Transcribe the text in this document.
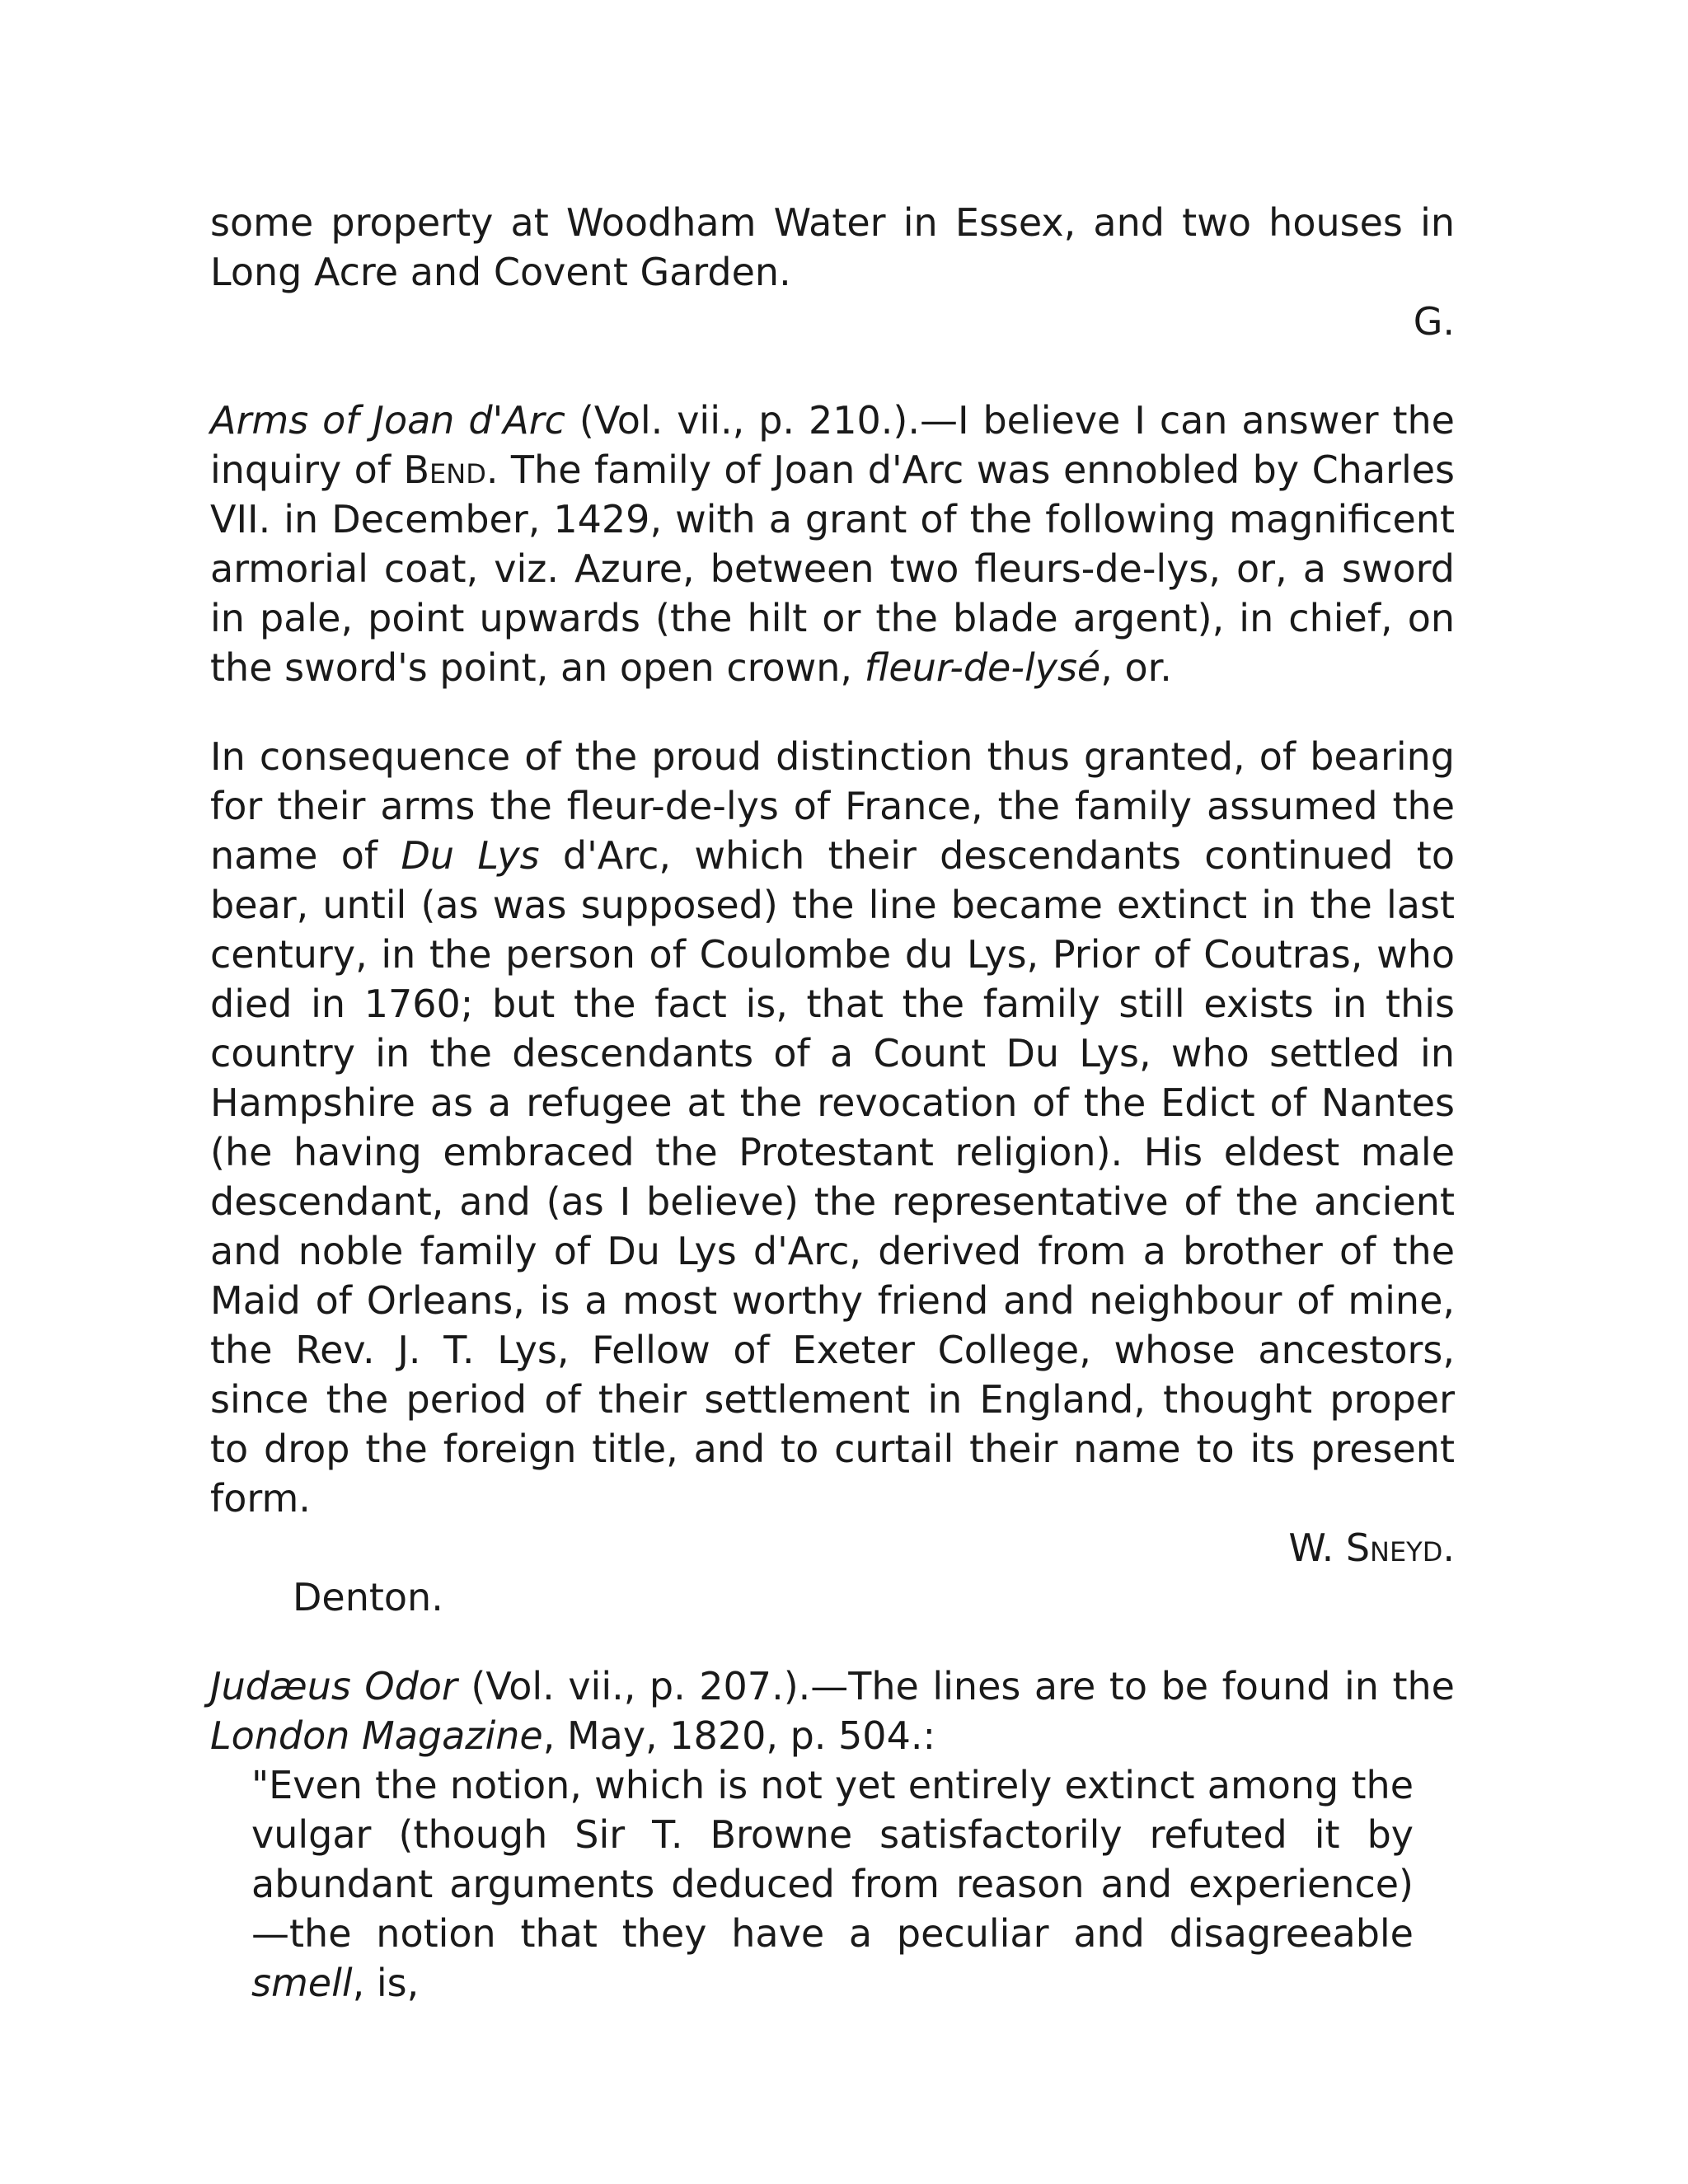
some property at Woodham Water in Essex, and two houses in Long Acre and Covent Garden.

G.

Arms of Joan d'Arc (Vol. vii., p. 210.).—I believe I can answer the inquiry of Bend. The family of Joan d'Arc was ennobled by Charles VII. in December, 1429, with a grant of the following magnificent armorial coat, viz. Azure, between two fleurs-de-lys, or, a sword in pale, point upwards (the hilt or the blade argent), in chief, on the sword's point, an open crown, fleur-de-lysé, or.

In consequence of the proud distinction thus granted, of bearing for their arms the fleur-de-lys of France, the family assumed the name of Du Lys d'Arc, which their descendants continued to bear, until (as was supposed) the line became extinct in the last century, in the person of Coulombe du Lys, Prior of Coutras, who died in 1760; but the fact is, that the family still exists in this country in the descendants of a Count Du Lys, who settled in Hampshire as a refugee at the revocation of the Edict of Nantes (he having embraced the Protestant religion). His eldest male descendant, and (as I believe) the representative of the ancient and noble family of Du Lys d'Arc, derived from a brother of the Maid of Orleans, is a most worthy friend and neighbour of mine, the Rev. J. T. Lys, Fellow of Exeter College, whose ancestors, since the period of their settlement in England, thought proper to drop the foreign title, and to curtail their name to its present form.

W. Sneyd.

Denton.

Judæus Odor (Vol. vii., p. 207.).—The lines are to be found in the London Magazine, May, 1820, p. 504.:

"Even the notion, which is not yet entirely extinct among the vulgar (though Sir T. Browne satisfactorily refuted it by abundant arguments deduced from reason and experience)—the notion that they have a peculiar and disagreeable smell, is,
